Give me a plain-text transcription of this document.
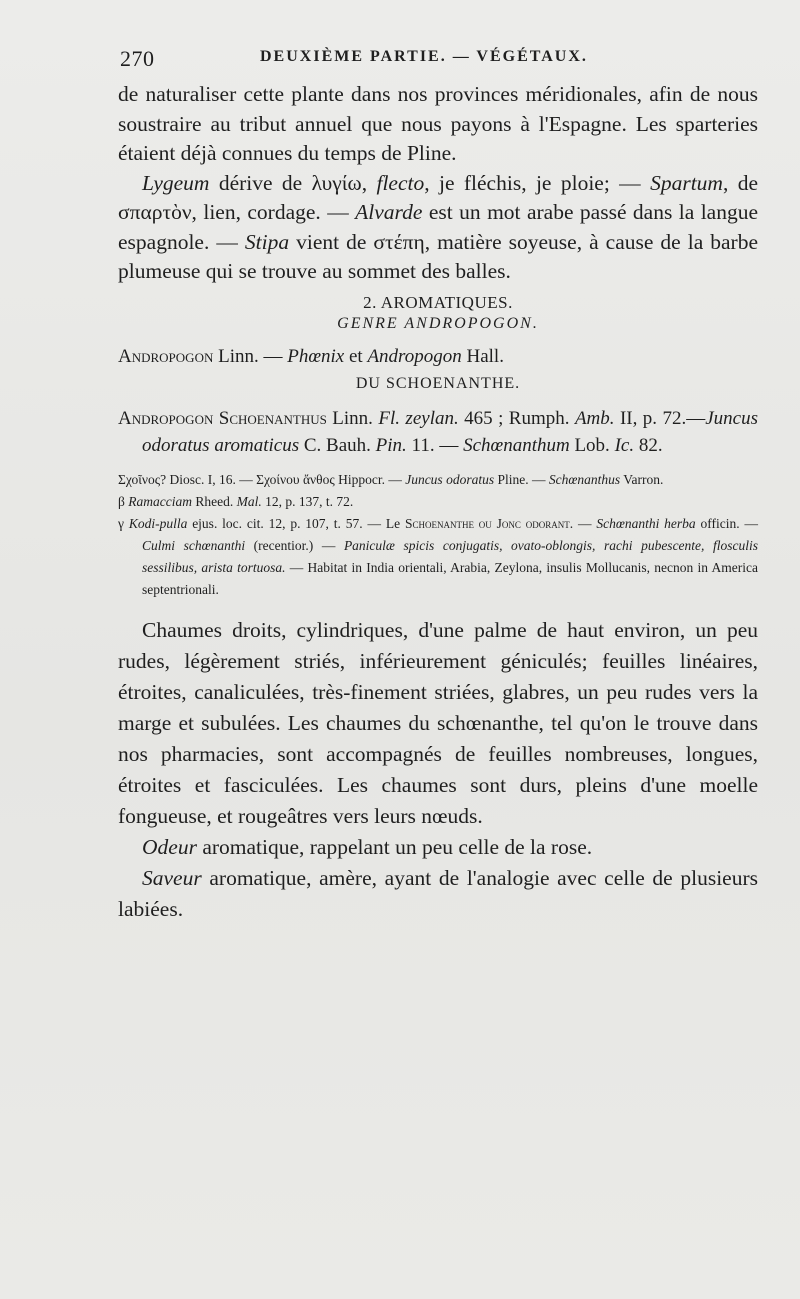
270	DEUXIÈME PARTIE. — VÉGÉTAUX.

de naturaliser cette plante dans nos provinces méridionales, afin de nous soustraire au tribut annuel que nous payons à l'Espagne. Les sparteries étaient déjà connues du temps de Pline.

Lygeum dérive de λυγίω, flecto, je fléchis, je ploie; — Spartum, de σπαρτὸν, lien, cordage. — Alvarde est un mot arabe passé dans la langue espagnole. — Stipa vient de στέπη, matière soyeuse, à cause de la barbe plumeuse qui se trouve au sommet des balles.

2. AROMATIQUES.
GENRE ANDROPOGON.

Andropogon Linn. — Phœnix et Andropogon Hall.

DU SCHOENANTHE.

Andropogon Schoenanthus Linn. Fl. zeylan. 465 ; Rumph. Amb. II, p. 72.—Juncus odoratus aromaticus C. Bauh. Pin. 11. — Schœnanthum Lob. Ic. 82.

Σχοῖνος? Diosc. I, 16. — Σχοίνου ἄνθος Hippocr. — Juncus odoratus Pline. — Schœnanthus Varron.

β Ramacciam Rheed. Mal. 12, p. 137, t. 72.

γ Kodi-pulla ejus. loc. cit. 12, p. 107, t. 57. — Le Schoenanthe ou Jonc odorant. — Schœnanthi herba officin. — Culmi schœnanthi (recentior.) — Paniculæ spicis conjugatis, ovato-oblongis, rachi pubescente, flosculis sessilibus, arista tortuosa. — Habitat in India orientali, Arabia, Zeylona, insulis Mollucanis, necnon in America septentrionali.

Chaumes droits, cylindriques, d'une palme de haut environ, un peu rudes, légèrement striés, inférieurement géniculés; feuilles linéaires, étroites, canaliculées, très-finement striées, glabres, un peu rudes vers la marge et subulées. Les chaumes du schœnanthe, tel qu'on le trouve dans nos pharmacies, sont accompagnés de feuilles nombreuses, longues, étroites et fasciculées. Les chaumes sont durs, pleins d'une moelle fongueuse, et rougeâtres vers leurs nœuds.

Odeur aromatique, rappelant un peu celle de la rose.

Saveur aromatique, amère, ayant de l'analogie avec celle de plusieurs labiées.
